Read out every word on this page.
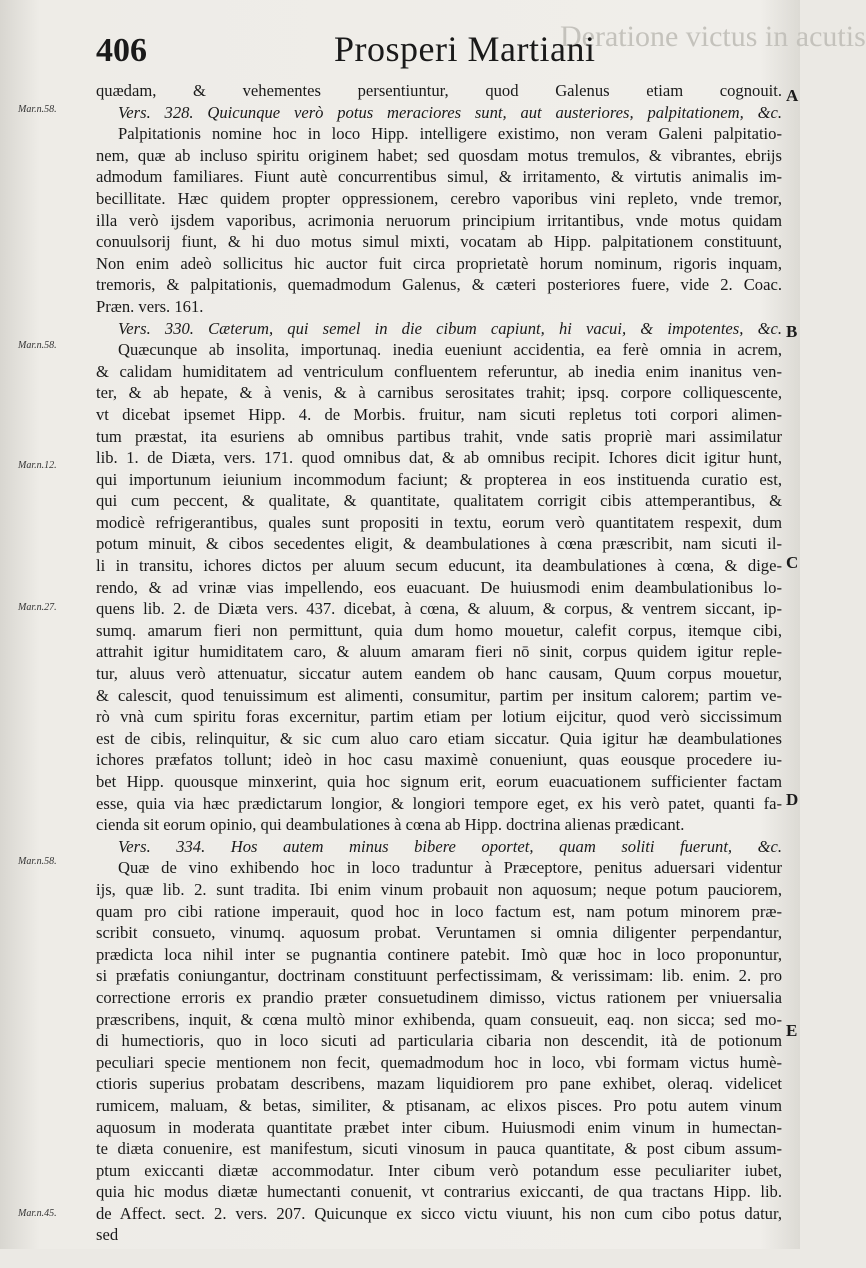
Deratione victus in acutis
406	Prosperi Martiani
Mar.n.58.
Mar.n.58.
Mar.n.12.
Mar.n.27.
Mar.n.58.
Mar.n.45.
A
B
C
D
E
quædam, & vehementes persentiuntur, quod Galenus etiam cognouit.
Vers. 328. Quicunque verò potus meraciores sunt, aut austeriores, palpitationem, &c.
Palpitationis nomine hoc in loco Hipp. intelligere existimo, non veram Galeni palpitatio-
nem, quæ ab incluso spiritu originem habet; sed quosdam motus tremulos, & vibrantes, ebrijs
admodum familiares. Fiunt autè concurrentibus simul, & irritamento, & virtutis animalis im-
becillitate. Hæc quidem propter oppressionem, cerebro vaporibus vini repleto, vnde tremor,
illa verò ijsdem vaporibus, acrimonia neruorum principium irritantibus, vnde motus quidam
conuulsorij fiunt, & hi duo motus simul mixti, vocatam ab Hipp. palpitationem constituunt,
Non enim adeò sollicitus hic auctor fuit circa proprietatè horum nominum, rigoris inquam,
tremoris, & palpitationis, quemadmodum Galenus, & cæteri posteriores fuere, vide 2. Coac.
Præn. vers. 161.
Vers. 330. Cæterum, qui semel in die cibum capiunt, hi vacui, & impotentes, &c.
Quæcunque ab insolita, importunaq. inedia eueniunt accidentia, ea ferè omnia in acrem,
& calidam humiditatem ad ventriculum confluentem referuntur, ab inedia enim inanitus ven-
ter, & ab hepate, & à venis, & à carnibus serositates trahit; ipsq. corpore colliquescente,
vt dicebat ipsemet Hipp. 4. de Morbis. fruitur, nam sicuti repletus toti corpori alimen-
tum præstat, ita esuriens ab omnibus partibus trahit, vnde satis propriè mari assimilatur
lib. 1. de Diæta, vers. 171. quod omnibus dat, & ab omnibus recipit. Ichores dicit igitur hunt,
qui importunum ieiunium incommodum faciunt; & propterea in eos instituenda curatio est,
qui cum peccent, & qualitate, & quantitate, qualitatem corrigit cibis attemperantibus, &
modicè refrigerantibus, quales sunt propositi in textu, eorum verò quantitatem respexit, dum
potum minuit, & cibos secedentes eligit, & deambulationes à cœna præscribit, nam sicuti il-
li in transitu, ichores dictos per aluum secum educunt, ita deambulationes à cœna, & dige-
rendo, & ad vrinæ vias impellendo, eos euacuant. De huiusmodi enim deambulationibus lo-
quens lib. 2. de Diæta vers. 437. dicebat, à cœna, & aluum, & corpus, & ventrem siccant, ip-
sumq. amarum fieri non permittunt, quia dum homo mouetur, calefit corpus, itemque cibi,
attrahit igitur humiditatem caro, & aluum amaram fieri nō sinit, corpus quidem igitur reple-
tur, aluus verò attenuatur, siccatur autem eandem ob hanc causam, Quum corpus mouetur,
& calescit, quod tenuissimum est alimenti, consumitur, partim per insitum calorem; partim ve-
rò vnà cum spiritu foras excernitur, partim etiam per lotium eijcitur, quod verò siccissimum
est de cibis, relinquitur, & sic cum aluo caro etiam siccatur. Quia igitur hæ deambulationes
ichores præfatos tollunt; ideò in hoc casu maximè conueniunt, quas eousque procedere iu-
bet Hipp. quousque minxerint, quia hoc signum erit, eorum euacuationem sufficienter factam
esse, quia via hæc prædictarum longior, & longiori tempore eget, ex his verò patet, quanti fa-
cienda sit eorum opinio, qui deambulationes à cœna ab Hipp. doctrina alienas prædicant.
Vers. 334. Hos autem minus bibere oportet, quam soliti fuerunt, &c.
Quæ de vino exhibendo hoc in loco traduntur à Præceptore, penitus aduersari videntur
ijs, quæ lib. 2. sunt tradita. Ibi enim vinum probauit non aquosum; neque potum pauciorem,
quam pro cibi ratione imperauit, quod hoc in loco factum est, nam potum minorem præ-
scribit consueto, vinumq. aquosum probat. Veruntamen si omnia diligenter perpendantur,
prædicta loca nihil inter se pugnantia continere patebit. Imò quæ hoc in loco proponuntur,
si præfatis coniungantur, doctrinam constituunt perfectissimam, & verissimam: lib. enim. 2. pro
correctione erroris ex prandio præter consuetudinem dimisso, victus rationem per vniuersalia
præscribens, inquit, & cœna multò minor exhibenda, quam consueuit, eaq. non sicca; sed mo-
di humectioris, quo in loco sicuti ad particularia cibaria non descendit, ità de potionum
peculiari specie mentionem non fecit, quemadmodum hoc in loco, vbi formam victus humè-
ctioris superius probatam describens, mazam liquidiorem pro pane exhibet, oleraq. videlicet
rumicem, maluam, & betas, similiter, & ptisanam, ac elixos pisces. Pro potu autem vinum
aquosum in moderata quantitate præbet inter cibum. Huiusmodi enim vinum in humectan-
te diæta conuenire, est manifestum, sicuti vinosum in pauca quantitate, & post cibum assum-
ptum exiccanti diætæ accommodatur. Inter cibum verò potandum esse peculiariter iubet,
quia hic modus diætæ humectanti conuenit, vt contrarius exiccanti, de qua tractans Hipp. lib.
de Affect. sect. 2. vers. 207. Quicunque ex sicco victu viuunt, his non cum cibo potus datur,
sed
